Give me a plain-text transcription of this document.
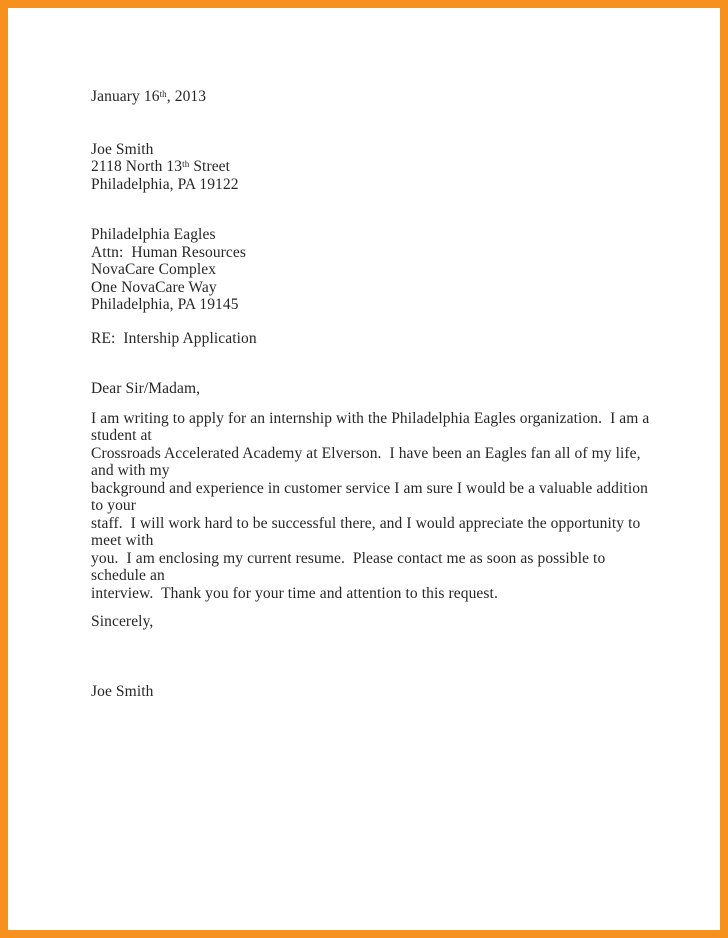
January 16th, 2013
Joe Smith
2118 North 13th Street
Philadelphia, PA 19122
Philadelphia Eagles
Attn:  Human Resources
NovaCare Complex
One NovaCare Way
Philadelphia, PA 19145
RE:  Intership Application
Dear Sir/Madam,
I am writing to apply for an internship with the Philadelphia Eagles organization.  I am a student at
Crossroads Accelerated Academy at Elverson.  I have been an Eagles fan all of my life, and with my
background and experience in customer service I am sure I would be a valuable addition to your
staff.  I will work hard to be successful there, and I would appreciate the opportunity to meet with
you.  I am enclosing my current resume.  Please contact me as soon as possible to schedule an
interview.  Thank you for your time and attention to this request.
Sincerely,
Joe Smith
